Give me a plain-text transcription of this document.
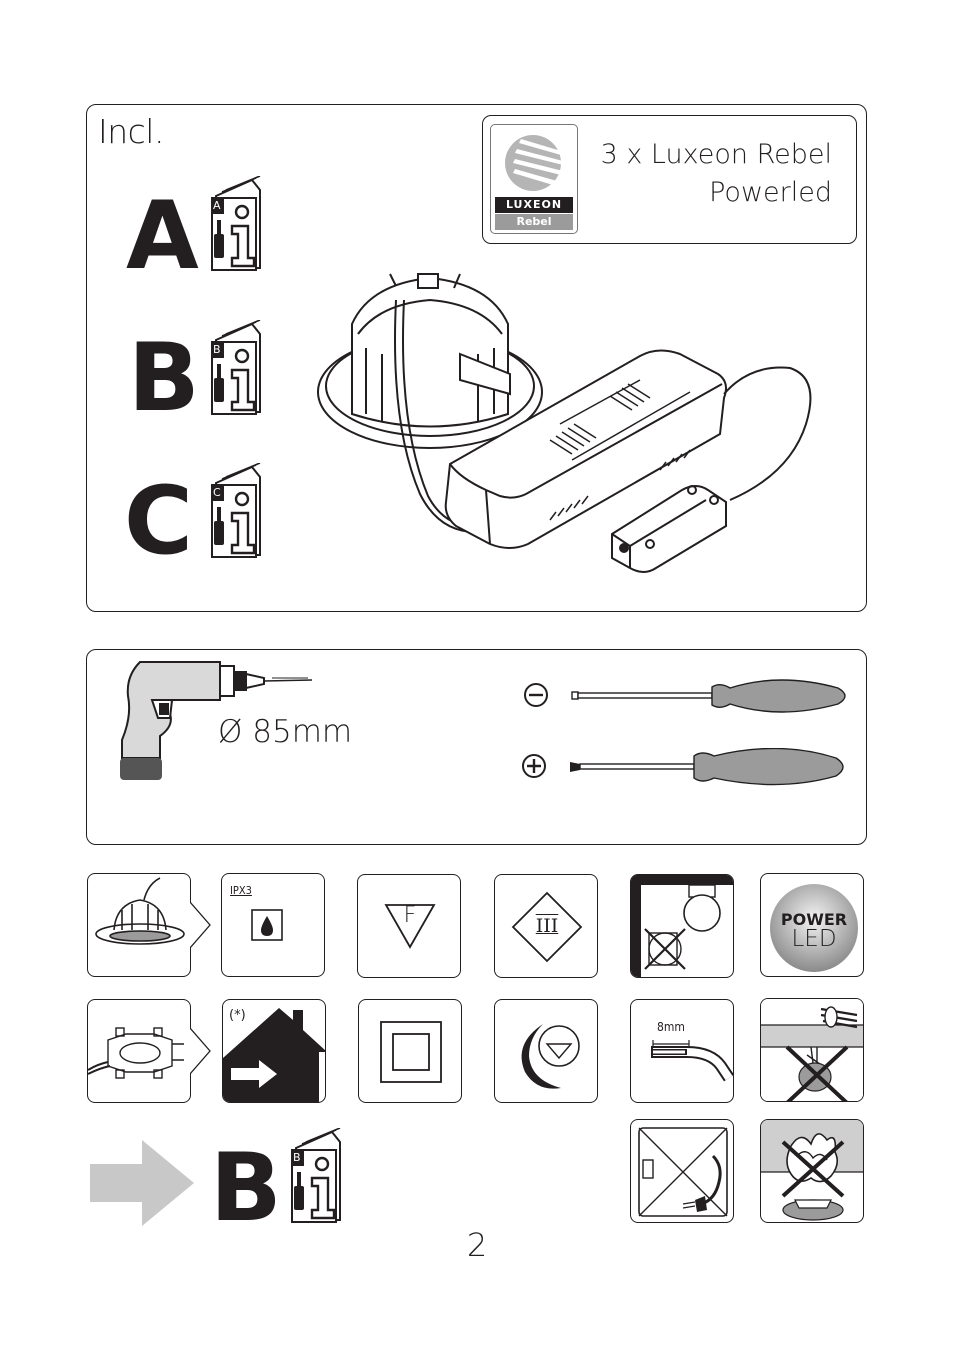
Incl.
A
B
C
A
B
C
3 x Luxeon Rebel
Powerled
LUXEON
Rebel
Ø 85mm
IPX3
F	III	POWER
LED
(*)
8mm
B B
2
